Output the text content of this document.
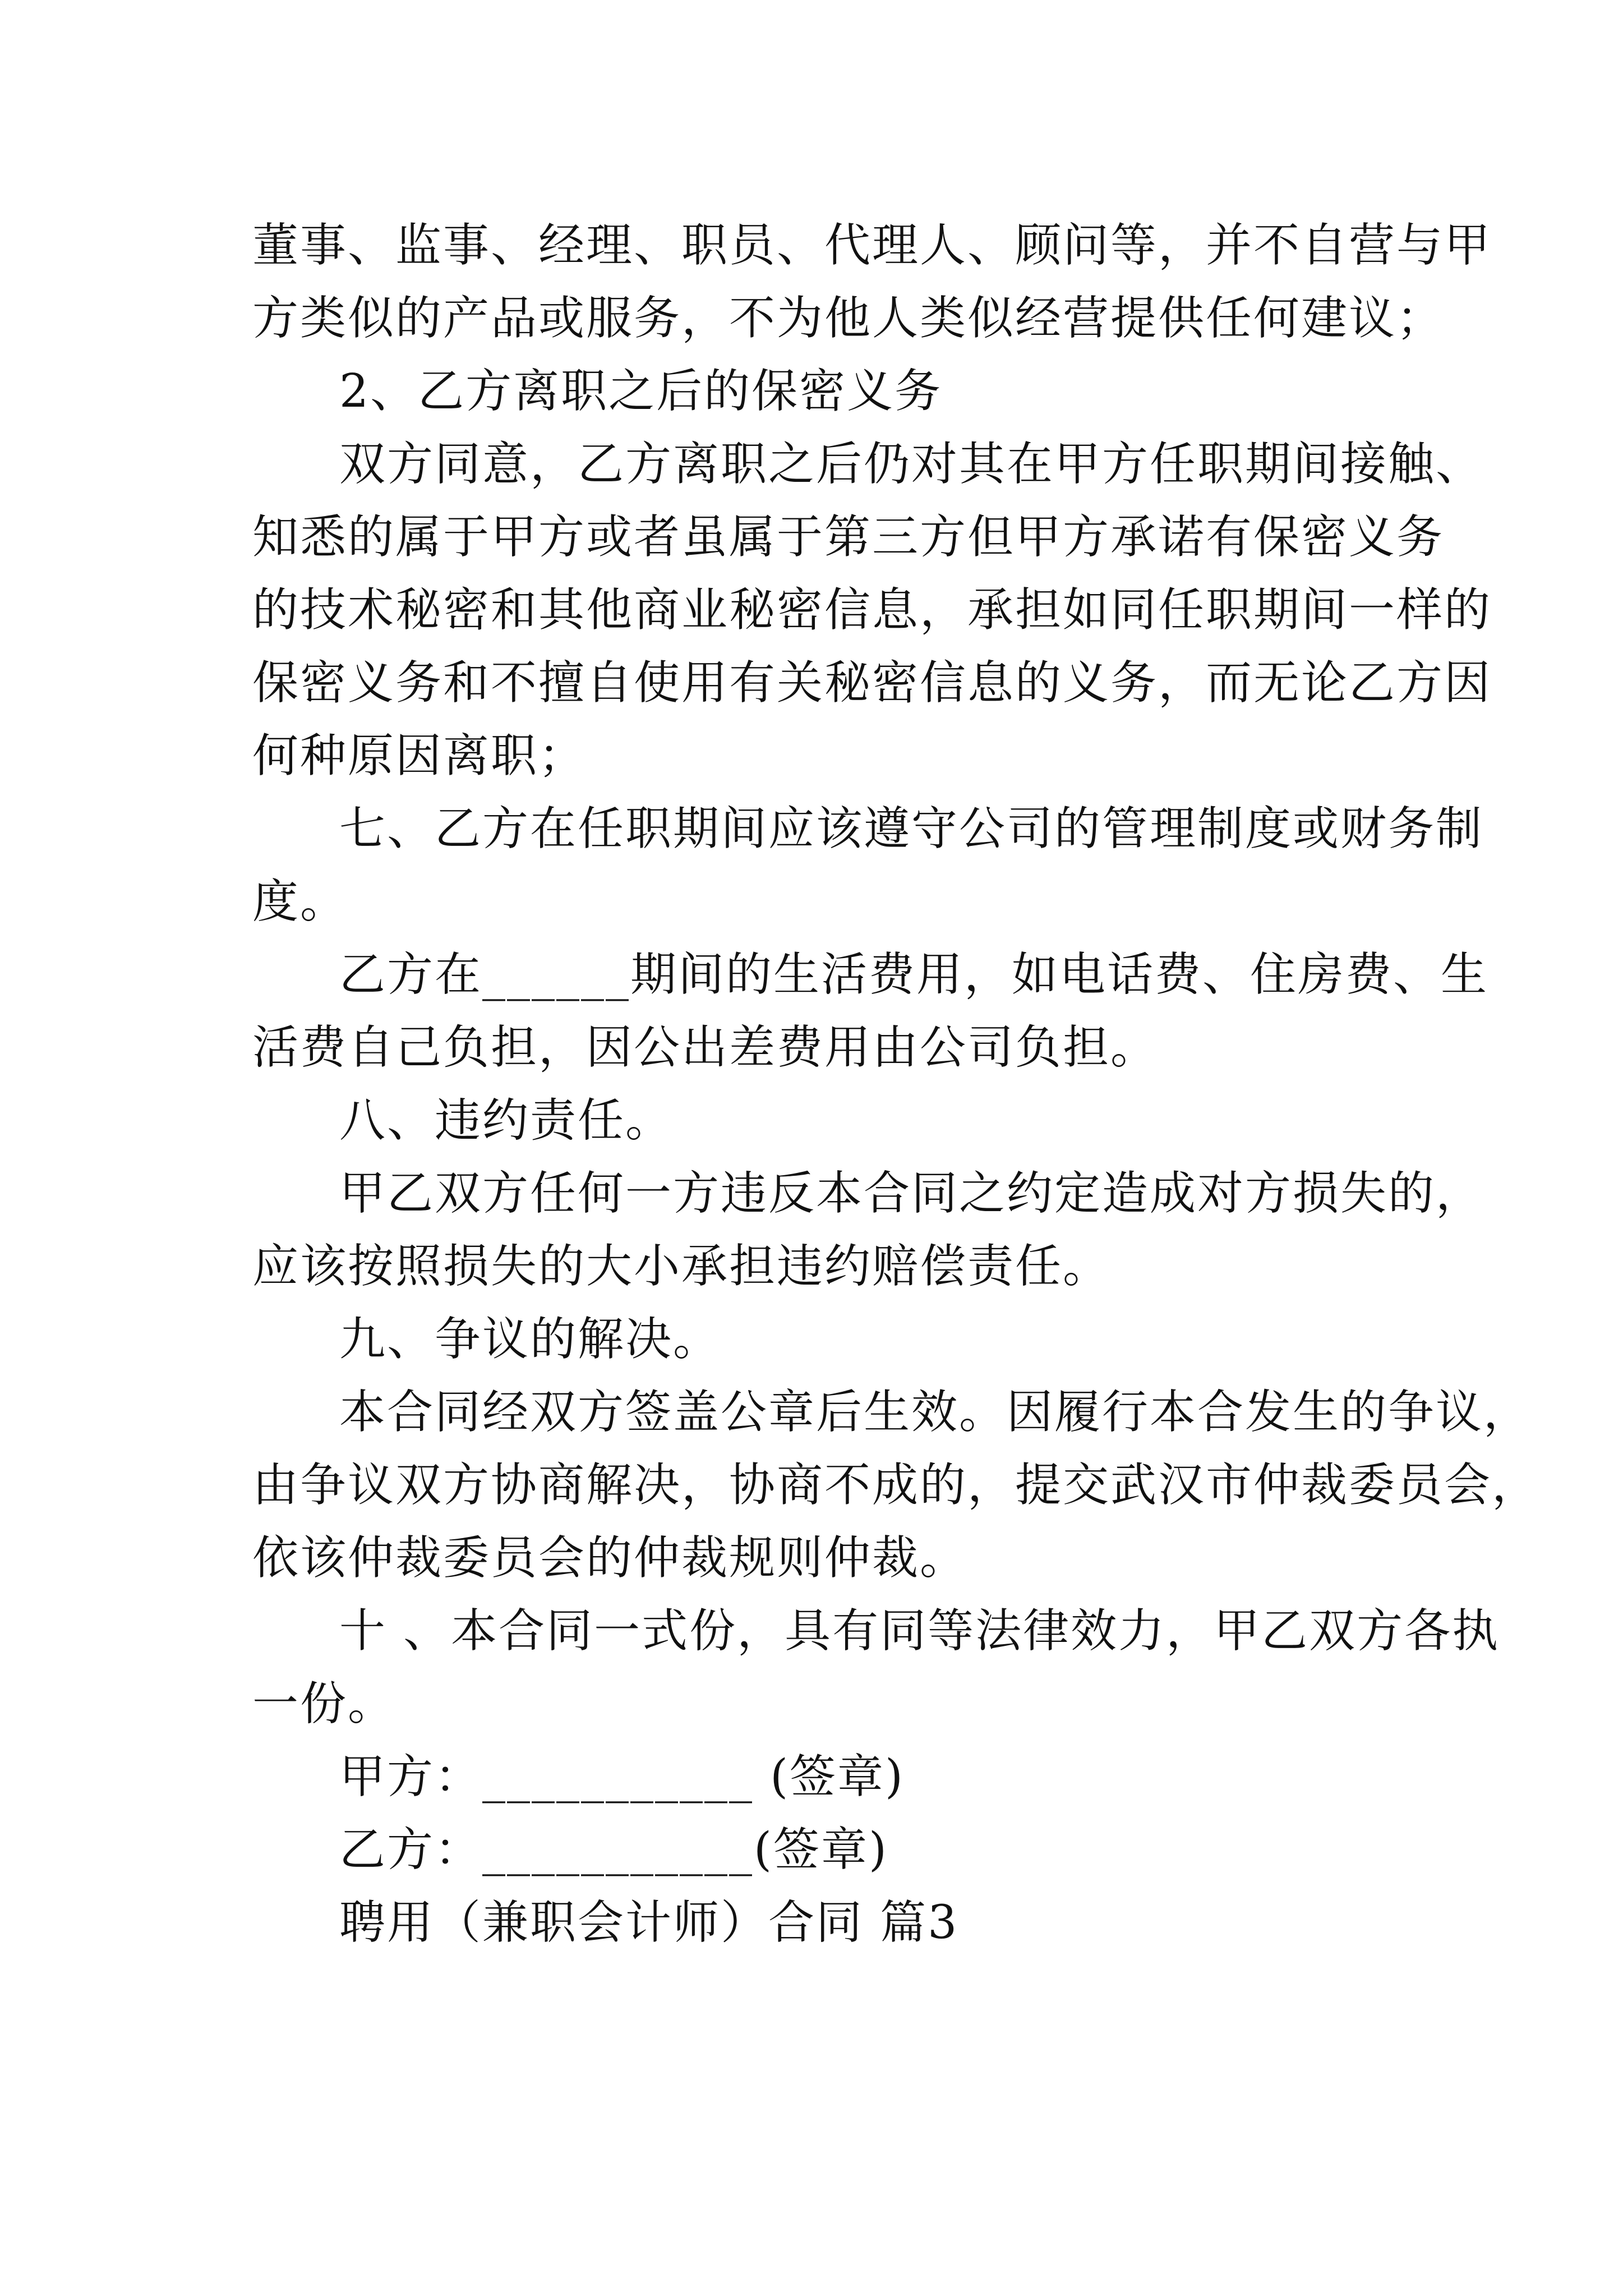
董事、监事、经理、职员、代理人、顾问等，并不自营与甲
方类似的产品或服务，不为他人类似经营提供任何建议；
2、乙方离职之后的保密义务
双方同意，乙方离职之后仍对其在甲方任职期间接触、
知悉的属于甲方或者虽属于第三方但甲方承诺有保密义务
的技术秘密和其他商业秘密信息，承担如同任职期间一样的
保密义务和不擅自使用有关秘密信息的义务，而无论乙方因
何种原因离职；
七、乙方在任职期间应该遵守公司的管理制度或财务制
度。
乙方在______期间的生活费用，如电话费、住房费、生
活费自己负担，因公出差费用由公司负担。
八、违约责任。
甲乙双方任何一方违反本合同之约定造成对方损失的，
应该按照损失的大小承担违约赔偿责任。
九、争议的解决。
本合同经双方签盖公章后生效。因履行本合发生的争议，
由争议双方协商解决，协商不成的，提交武汉市仲裁委员会，
依该仲裁委员会的仲裁规则仲裁。
十 、本合同一式份，具有同等法律效力，甲乙双方各执
一份。
甲方：___________ (签章)
乙方：___________(签章)
聘用（兼职会计师）合同 篇3
